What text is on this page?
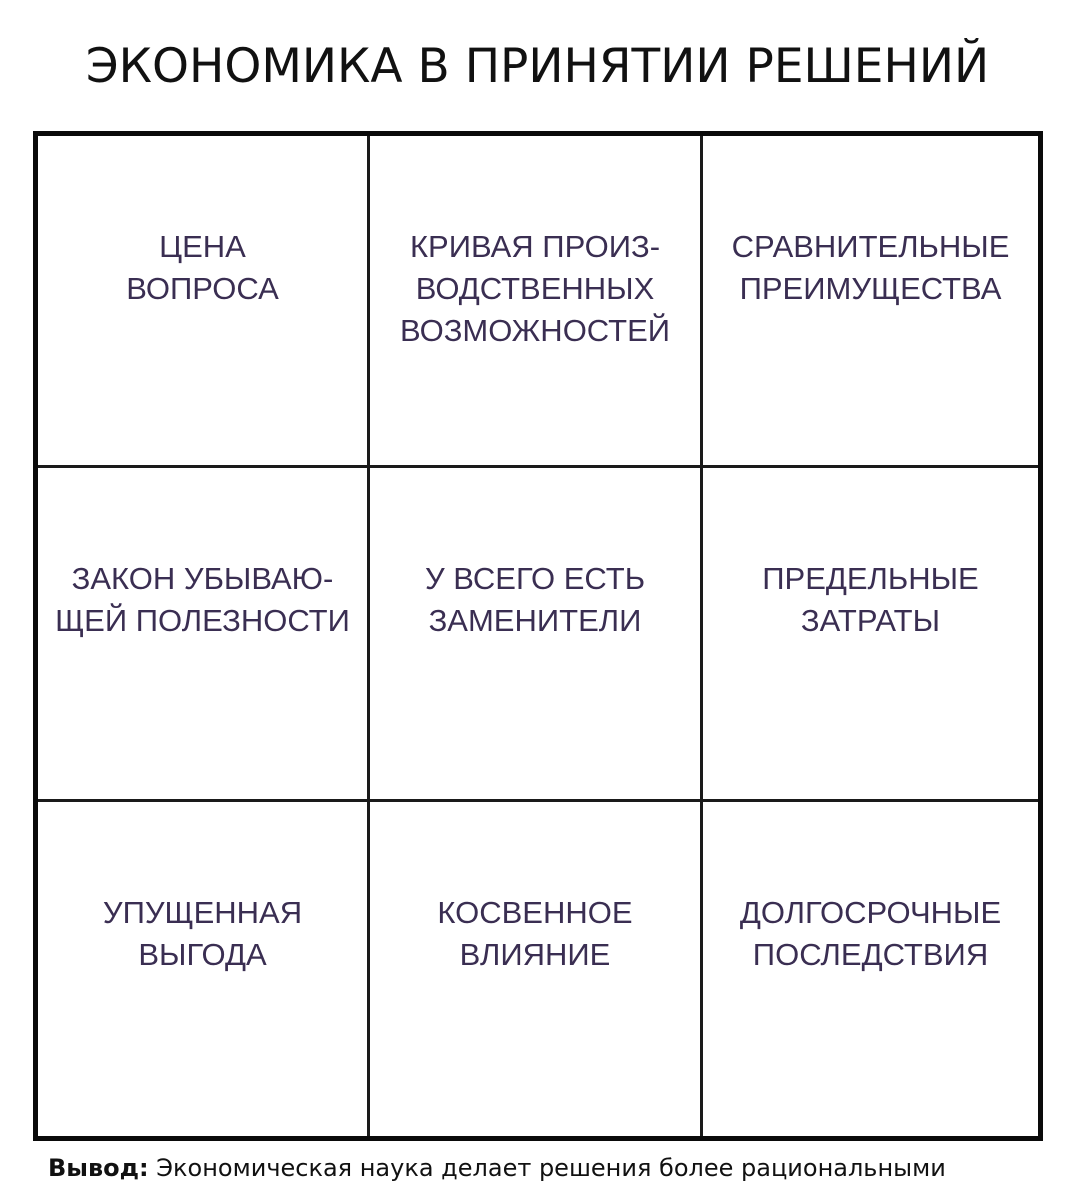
ЭКОНОМИКА В ПРИНЯТИИ РЕШЕНИЙ
ЦЕНА
ВОПРОСА
КРИВАЯ ПРОИЗ-
ВОДСТВЕННЫХ
ВОЗМОЖНОСТЕЙ
СРАВНИТЕЛЬНЫЕ
ПРЕИМУЩЕСТВА
ЗАКОН УБЫВАЮ-
ЩЕЙ ПОЛЕЗНОСТИ
У ВСЕГО ЕСТЬ
ЗАМЕНИТЕЛИ
ПРЕДЕЛЬНЫЕ
ЗАТРАТЫ
УПУЩЕННАЯ
ВЫГОДА
КОСВЕННОЕ
ВЛИЯНИЕ
ДОЛГОСРОЧНЫЕ
ПОСЛЕДСТВИЯ
Вывод: Экономическая наука делает решения более рациональными
